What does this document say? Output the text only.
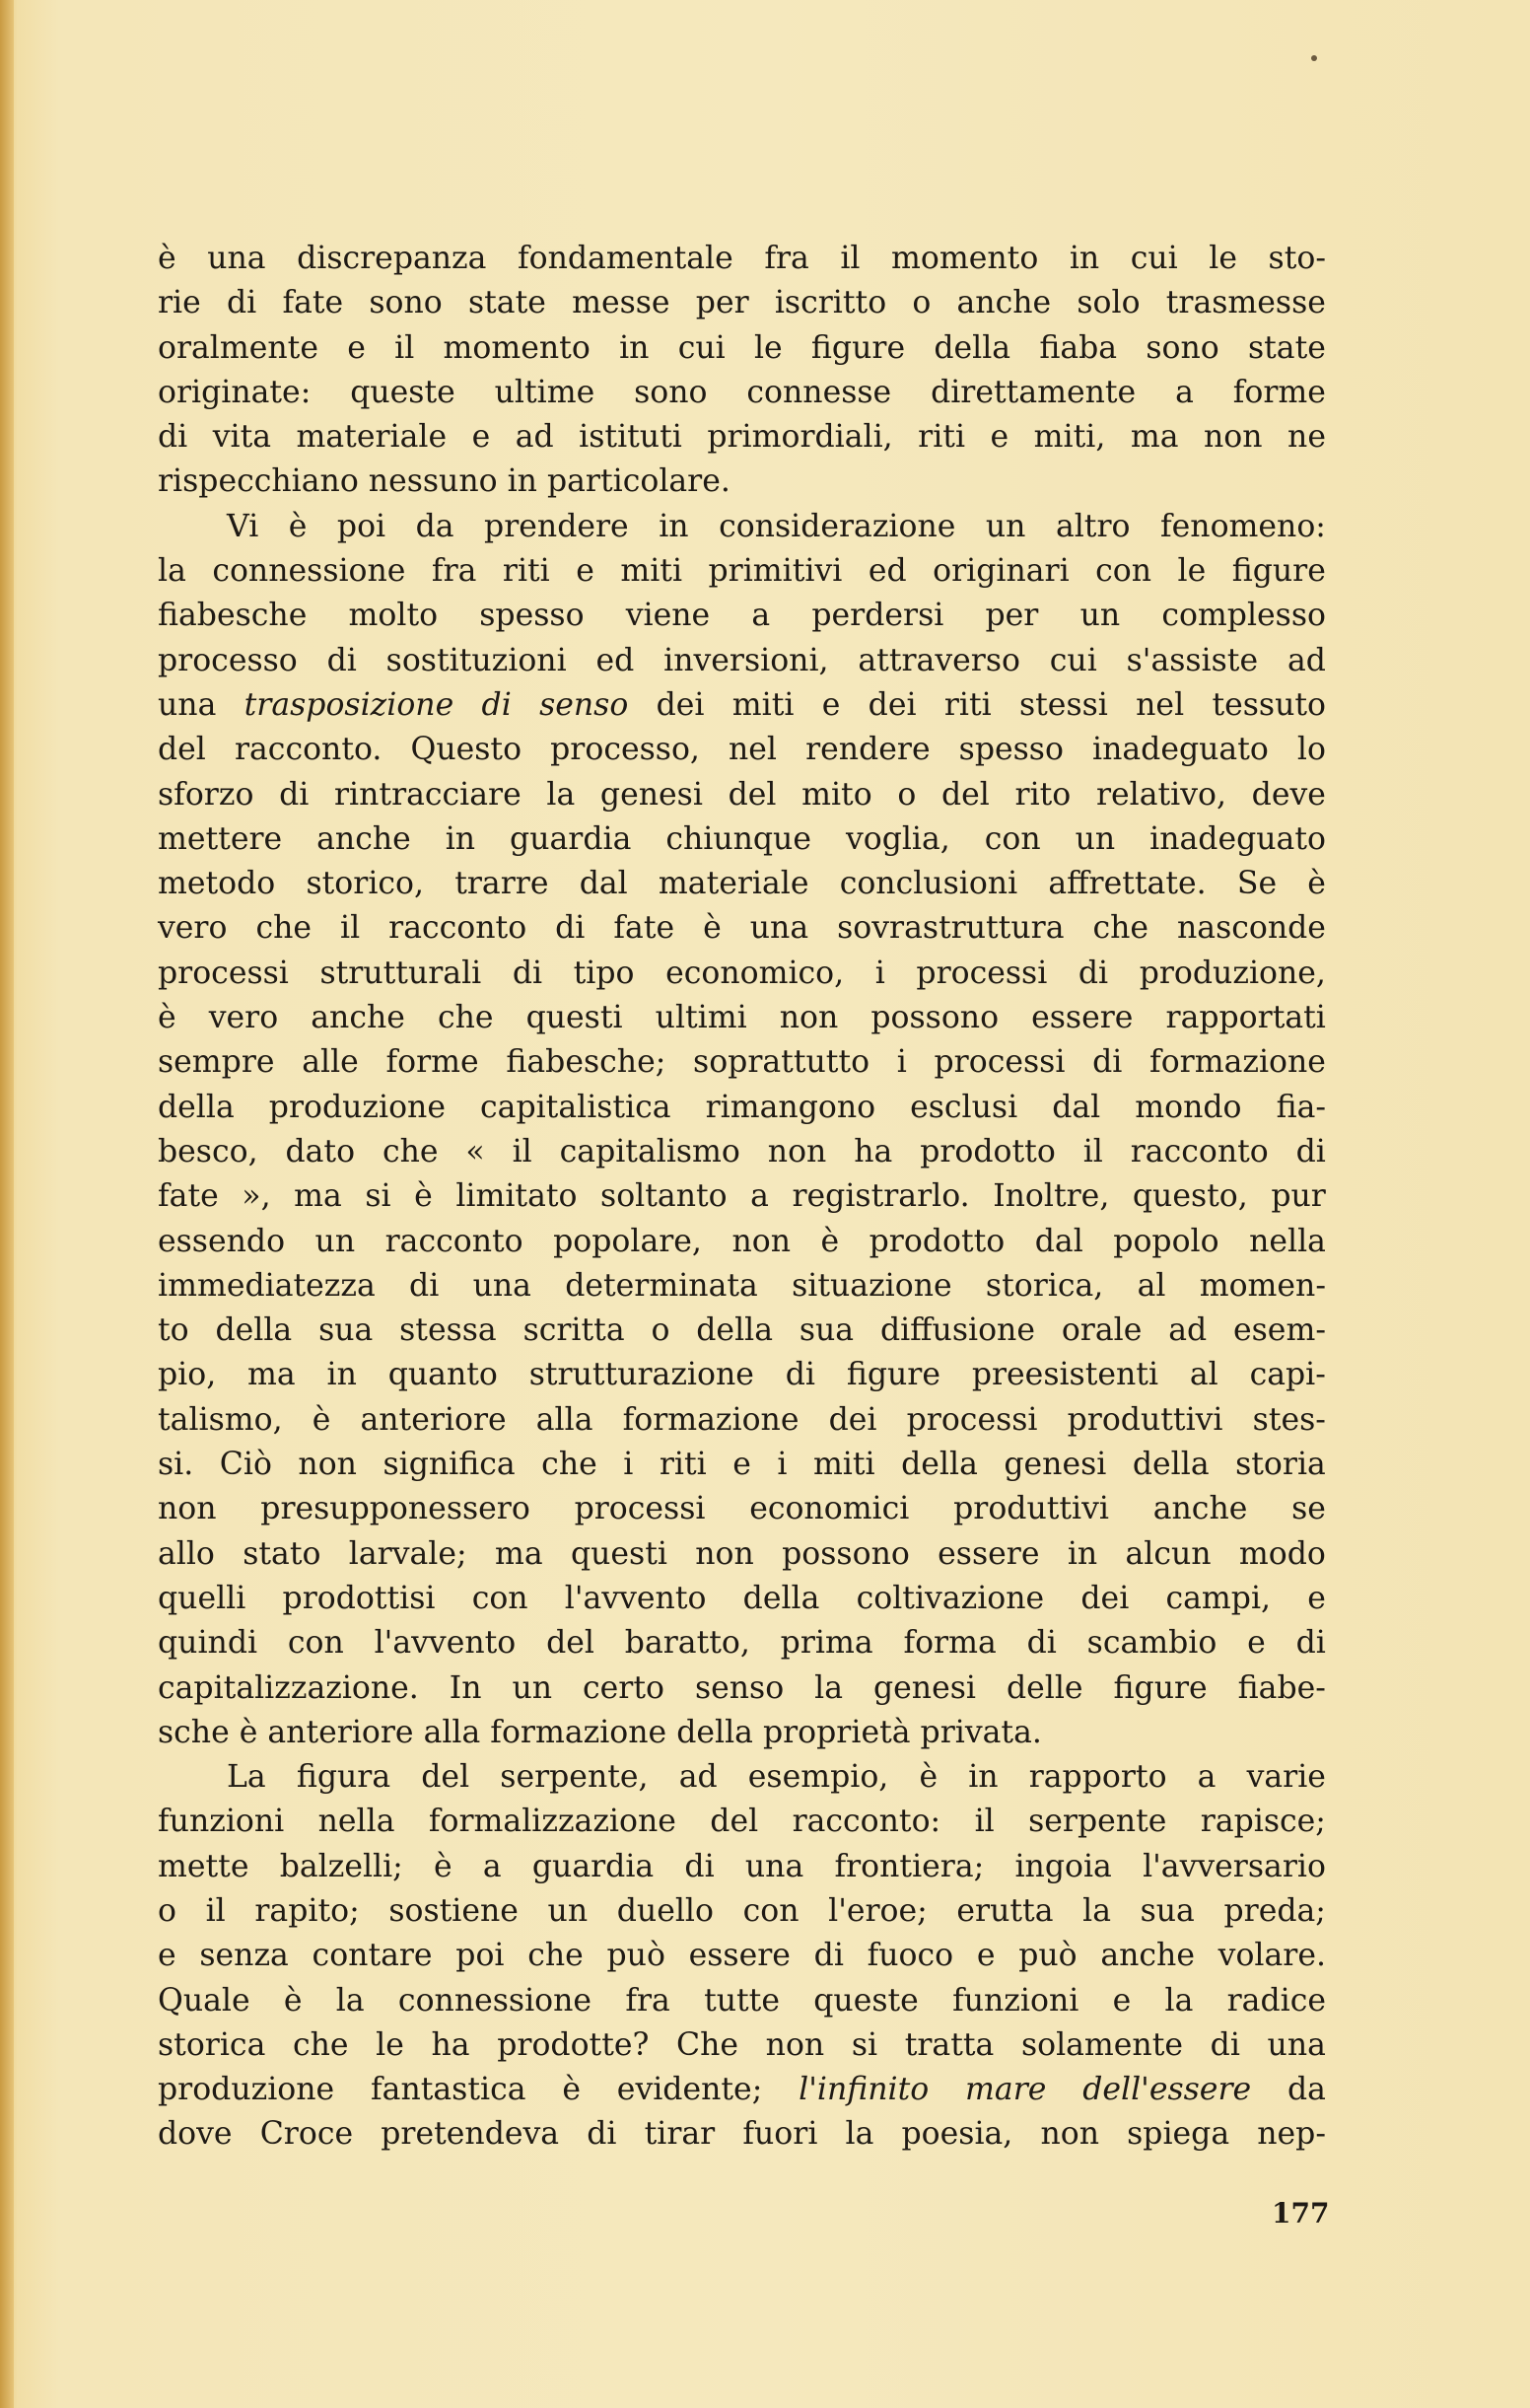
è una discrepanza fondamentale fra il momento in cui le sto-
rie di fate sono state messe per iscritto o anche solo trasmesse
oralmente e il momento in cui le figure della fiaba sono state
originate: queste ultime sono connesse direttamente a forme
di vita materiale e ad istituti primordiali, riti e miti, ma non ne
rispecchiano nessuno in particolare.
Vi è poi da prendere in considerazione un altro fenomeno:
la connessione fra riti e miti primitivi ed originari con le figure
fiabesche molto spesso viene a perdersi per un complesso
processo di sostituzioni ed inversioni, attraverso cui s'assiste ad
una trasposizione di senso dei miti e dei riti stessi nel tessuto
del racconto. Questo processo, nel rendere spesso inadeguato lo
sforzo di rintracciare la genesi del mito o del rito relativo, deve
mettere anche in guardia chiunque voglia, con un inadeguato
metodo storico, trarre dal materiale conclusioni affrettate. Se è
vero che il racconto di fate è una sovrastruttura che nasconde
processi strutturali di tipo economico, i processi di produzione,
è vero anche che questi ultimi non possono essere rapportati
sempre alle forme fiabesche; soprattutto i processi di formazione
della produzione capitalistica rimangono esclusi dal mondo fia-
besco, dato che « il capitalismo non ha prodotto il racconto di
fate », ma si è limitato soltanto a registrarlo. Inoltre, questo, pur
essendo un racconto popolare, non è prodotto dal popolo nella
immediatezza di una determinata situazione storica, al momen-
to della sua stessa scritta o della sua diffusione orale ad esem-
pio, ma in quanto strutturazione di figure preesistenti al capi-
talismo, è anteriore alla formazione dei processi produttivi stes-
si. Ciò non significa che i riti e i miti della genesi della storia
non presupponessero processi economici produttivi anche se
allo stato larvale; ma questi non possono essere in alcun modo
quelli prodottisi con l'avvento della coltivazione dei campi, e
quindi con l'avvento del baratto, prima forma di scambio e di
capitalizzazione. In un certo senso la genesi delle figure fiabe-
sche è anteriore alla formazione della proprietà privata.
La figura del serpente, ad esempio, è in rapporto a varie
funzioni nella formalizzazione del racconto: il serpente rapisce;
mette balzelli; è a guardia di una frontiera; ingoia l'avversario
o il rapito; sostiene un duello con l'eroe; erutta la sua preda;
e senza contare poi che può essere di fuoco e può anche volare.
Quale è la connessione fra tutte queste funzioni e la radice
storica che le ha prodotte? Che non si tratta solamente di una
produzione fantastica è evidente; l'infinito mare dell'essere da
dove Croce pretendeva di tirar fuori la poesia, non spiega nep-
177
